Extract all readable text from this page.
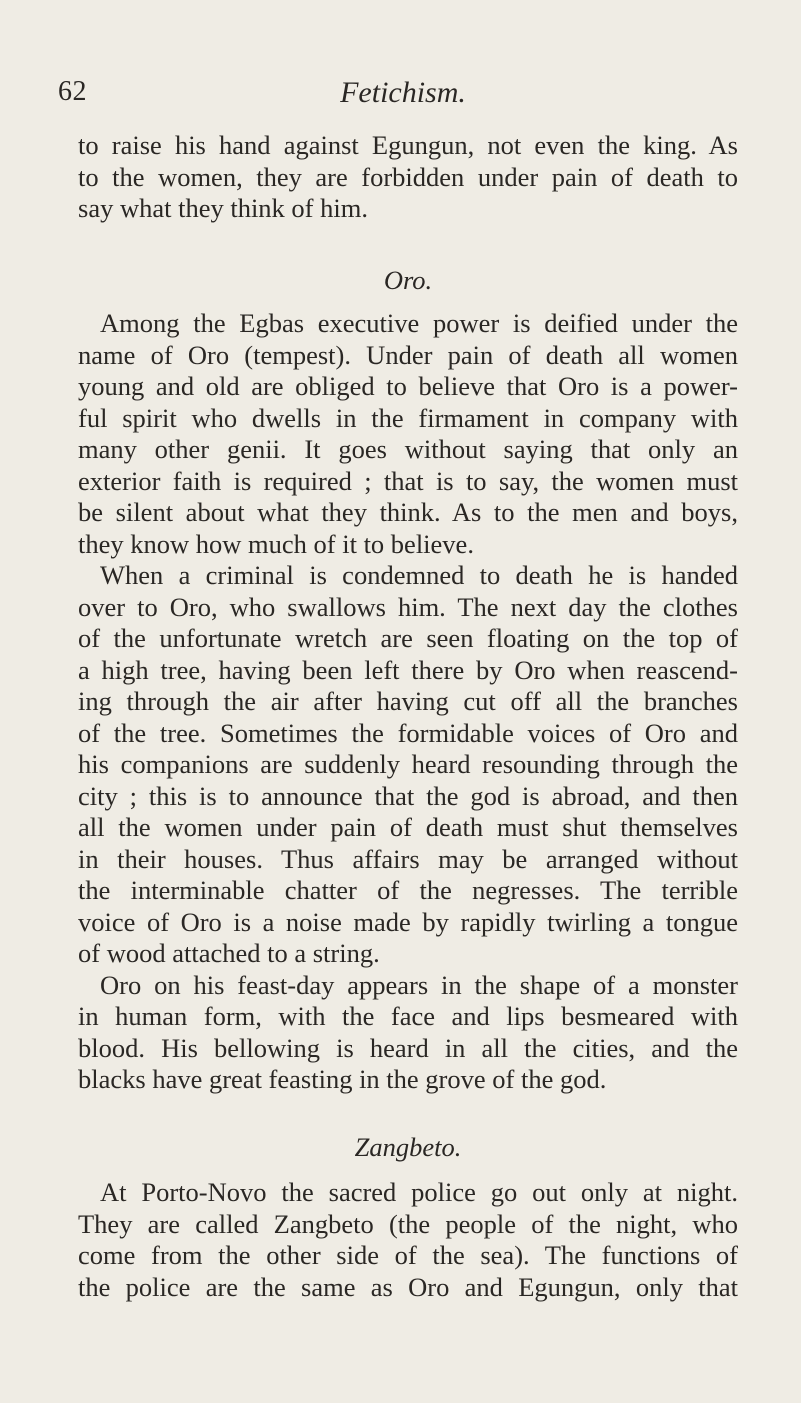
62	Fetichism.
to raise his hand against Egungun, not even the king. As
to the women, they are forbidden under pain of death to
say what they think of him.
Oro.
Among the Egbas executive power is deified under the
name of Oro (tempest). Under pain of death all women
young and old are obliged to believe that Oro is a power-
ful spirit who dwells in the firmament in company with
many other genii. It goes without saying that only an
exterior faith is required ; that is to say, the women must
be silent about what they think. As to the men and boys,
they know how much of it to believe.
When a criminal is condemned to death he is handed
over to Oro, who swallows him. The next day the clothes
of the unfortunate wretch are seen floating on the top of
a high tree, having been left there by Oro when reascend-
ing through the air after having cut off all the branches
of the tree. Sometimes the formidable voices of Oro and
his companions are suddenly heard resounding through the
city ; this is to announce that the god is abroad, and then
all the women under pain of death must shut themselves
in their houses. Thus affairs may be arranged without
the interminable chatter of the negresses. The terrible
voice of Oro is a noise made by rapidly twirling a tongue
of wood attached to a string.
Oro on his feast-day appears in the shape of a monster
in human form, with the face and lips besmeared with
blood. His bellowing is heard in all the cities, and the
blacks have great feasting in the grove of the god.
Zangbeto.
At Porto-Novo the sacred police go out only at night.
They are called Zangbeto (the people of the night, who
come from the other side of the sea). The functions of
the police are the same as Oro and Egungun, only that
